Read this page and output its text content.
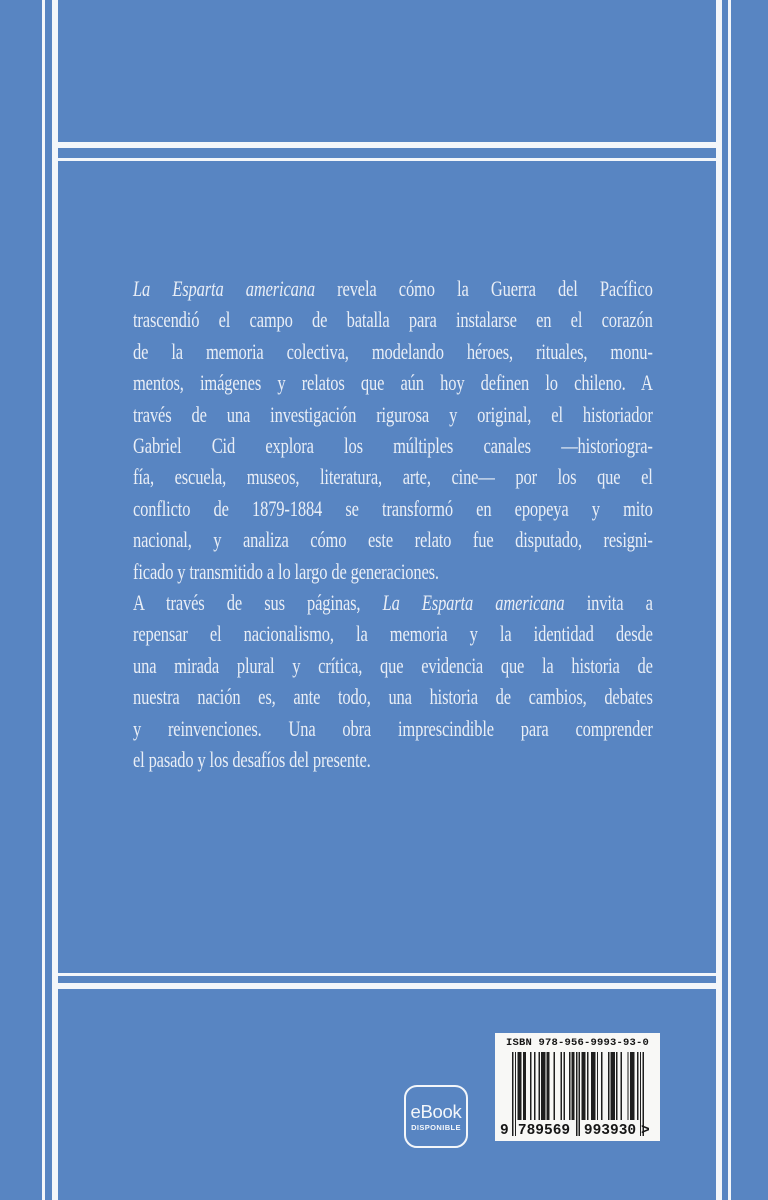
La Esparta americana revela cómo la Guerra del Pacífico
trascendió el campo de batalla para instalarse en el corazón
de la memoria colectiva, modelando héroes, rituales, monu-
mentos, imágenes y relatos que aún hoy definen lo chileno. A
través de una investigación rigurosa y original, el historiador
Gabriel Cid explora los múltiples canales —historiogra-
fía, escuela, museos, literatura, arte, cine— por los que el
conflicto de 1879-1884 se transformó en epopeya y mito
nacional, y analiza cómo este relato fue disputado, resigni-
ficado y transmitido a lo largo de generaciones.
A través de sus páginas, La Esparta americana invita a
repensar el nacionalismo, la memoria y la identidad desde
una mirada plural y crítica, que evidencia que la historia de
nuestra nación es, ante todo, una historia de cambios, debates
y reinvenciones. Una obra imprescindible para comprender
el pasado y los desafíos del presente.
eBook
DISPONIBLE
ISBN 978-956-9993-93-0
9 789569 993930 >
